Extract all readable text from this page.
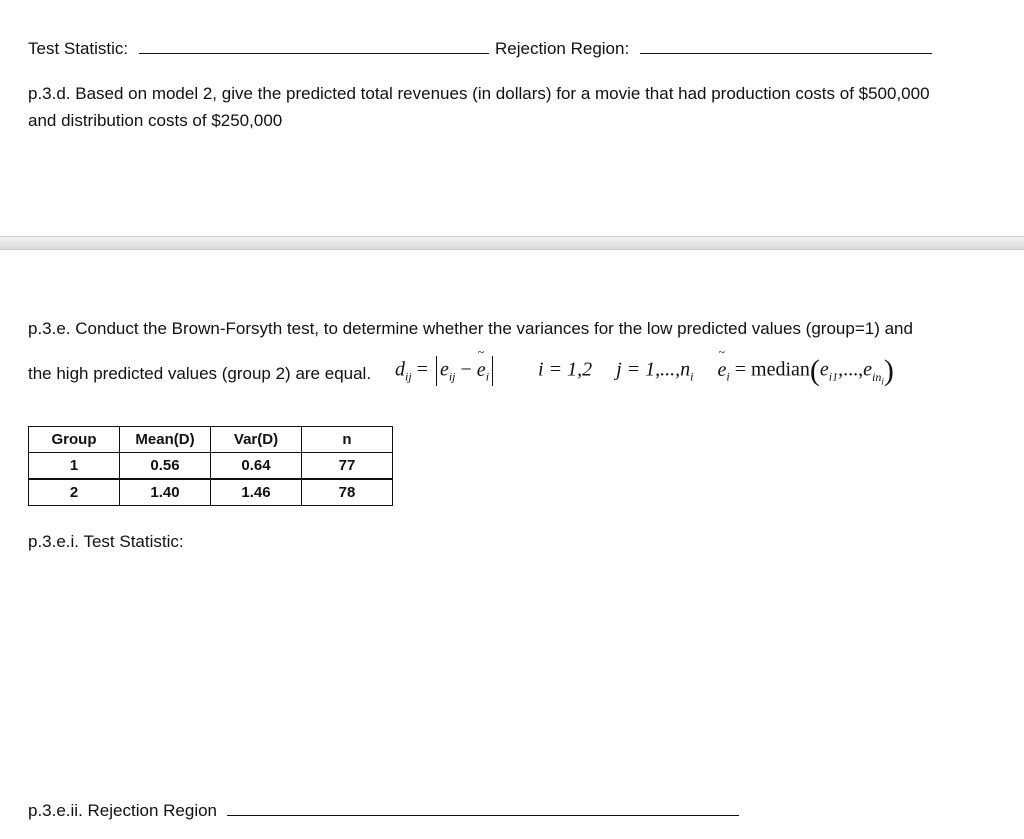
Test Statistic:	Rejection Region:
p.3.d. Based on model 2, give the predicted total revenues (in dollars) for a movie that had production costs of $500,000
and distribution costs of $250,000
p.3.e. Conduct the Brown-Forsyth test, to determine whether the variances for the low predicted values (group=1) and
the high predicted values (group 2) are equal. $d_{ij} = e_{ij}$ − ~ $e_i$ i = 1,2 $j = 1,...,n_i$ ~ $e_i$ = $median(e_{i1},...,e_{in_i})$
Group	Mean(D)	Var(D)	n
1	0.56	0.64	77
2	1.40	1.46	78
p.3.e.i. Test Statistic:
p.3.e.ii. Rejection Region
